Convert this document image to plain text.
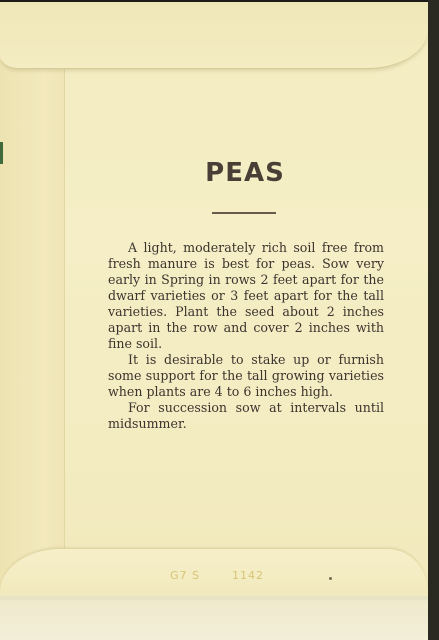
PEAS

A light, moderately rich soil free from fresh manure is best for peas. Sow very early in Spring in rows 2 feet apart for the dwarf varieties or 3 feet apart for the tall varieties. Plant the seed about 2 inches apart in the row and cover 2 inches with fine soil.

It is desirable to stake up or furnish some support for the tall growing varieties when plants are 4 to 6 inches high.

For succession sow at intervals until midsummer.

G7 S	1142
